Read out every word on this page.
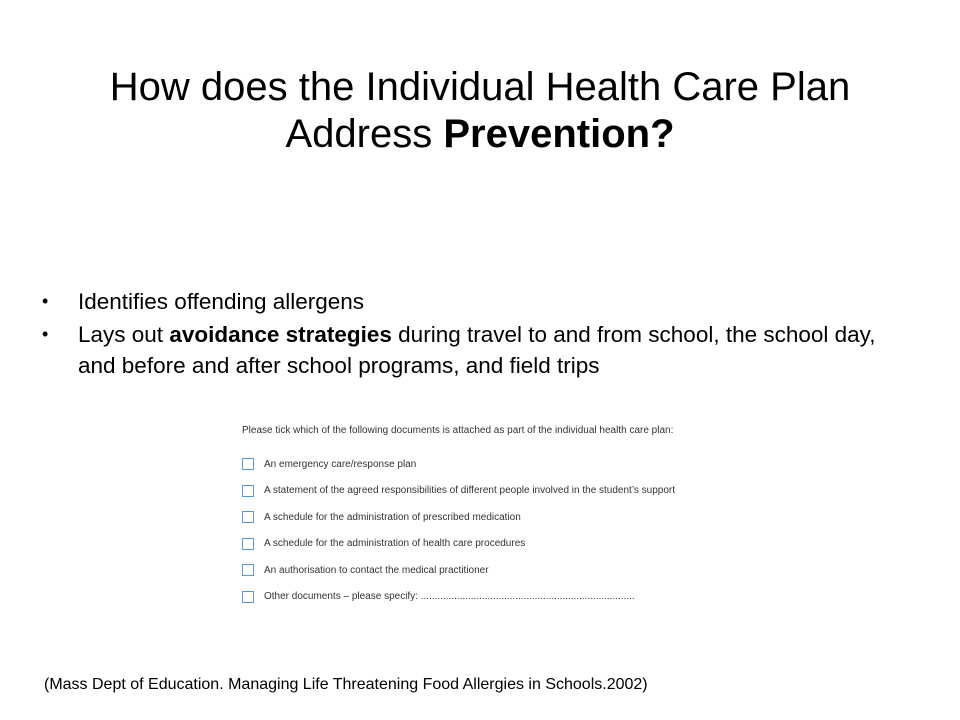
How does the Individual Health Care Plan
Address Prevention?
• Identifies offending allergens
• Lays out avoidance strategies during travel to and from school, the school day, and before and after school programs, and field trips

Please tick which of the following documents is attached as part of the individual health care plan:

An emergency care/response plan
A statement of the agreed responsibilities of different people involved in the student’s support
A schedule for the administration of prescribed medication
A schedule for the administration of health care procedures
An authorisation to contact the medical practitioner
Other documents – please specify: .............................................................................

(Mass Dept of Education. Managing Life Threatening Food Allergies in Schools.2002)
